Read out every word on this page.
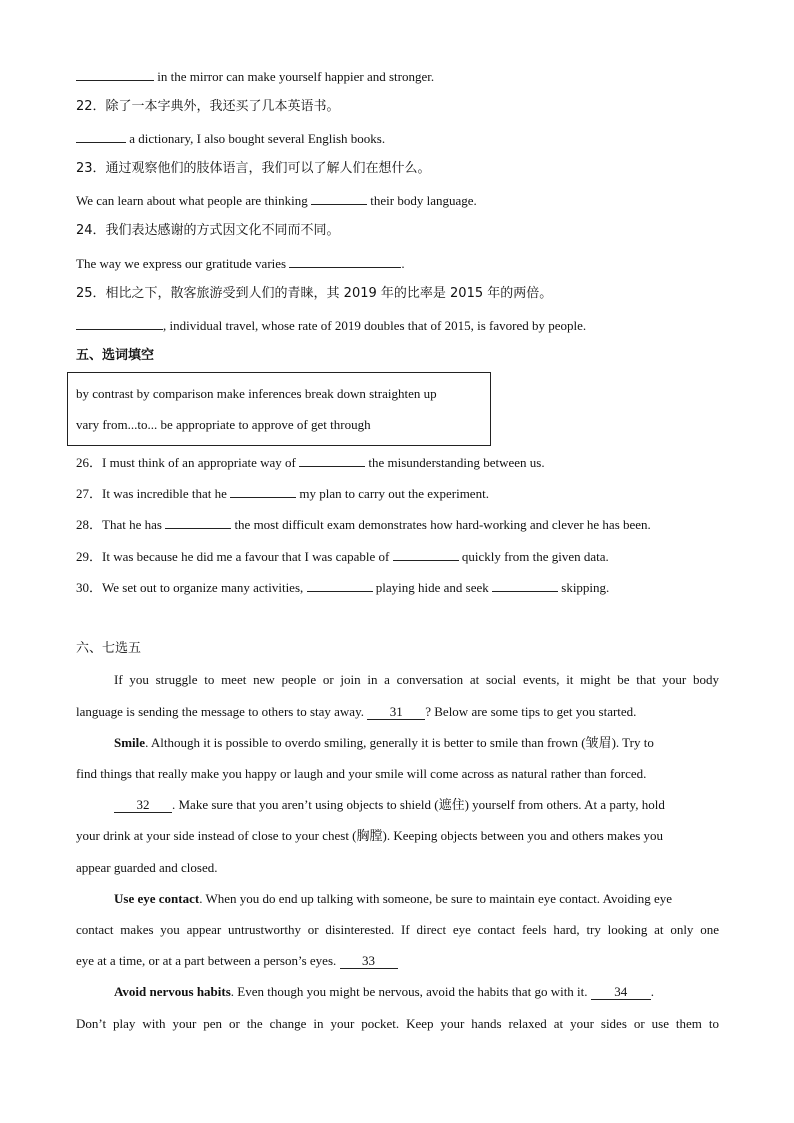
in the mirror can make yourself happier and stronger.
22．除了一本字典外，我还买了几本英语书。
a dictionary, I also bought several English books.
23．通过观察他们的肢体语言，我们可以了解人们在想什么。
We can learn about what people are thinking	their body language.
24．我们表达感谢的方式因文化不同而不同。
The way we express our gratitude varies	.
25．相比之下，散客旅游受到人们的青睐，其 2019 年的比率是 2015 年的两倍。
, individual travel, whose rate of 2019 doubles that of 2015, is favored by people.
五、选词填空
by contrast by comparison make inferences break down straighten up
vary from...to... be appropriate to approve of get through
26．I must think of an appropriate way of	the misunderstanding between us.
27．It was incredible that he	my plan to carry out the experiment.
28．That he has	the most difficult exam demonstrates how hard-working and clever he has been.
29．It was because he did me a favour that I was capable of	quickly from the given data.
30．We set out to organize many activities,	playing hide and seek	skipping.
六、七选五
If you struggle to meet new people or join in a conversation at social events, it might be that your body
language is sending the message to others to stay away. 31 ? Below are some tips to get you started.
Smile. Although it is possible to overdo smiling, generally it is better to smile than frown (皱眉). Try to
find things that really make you happy or laugh and your smile will come across as natural rather than forced.
32 . Make sure that you aren’t using objects to shield (遮住) yourself from others. At a party, hold
your drink at your side instead of close to your chest (胸膛). Keeping objects between you and others makes you
appear guarded and closed.
Use eye contact. When you do end up talking with someone, be sure to maintain eye contact. Avoiding eye
contact makes you appear untrustworthy or disinterested. If direct eye contact feels hard, try looking at only one
eye at a time, or at a part between a person’s eyes. 33
Avoid nervous habits. Even though you might be nervous, avoid the habits that go with it. 34 .
Don’t play with your pen or the change in your pocket. Keep your hands relaxed at your sides or use them to
